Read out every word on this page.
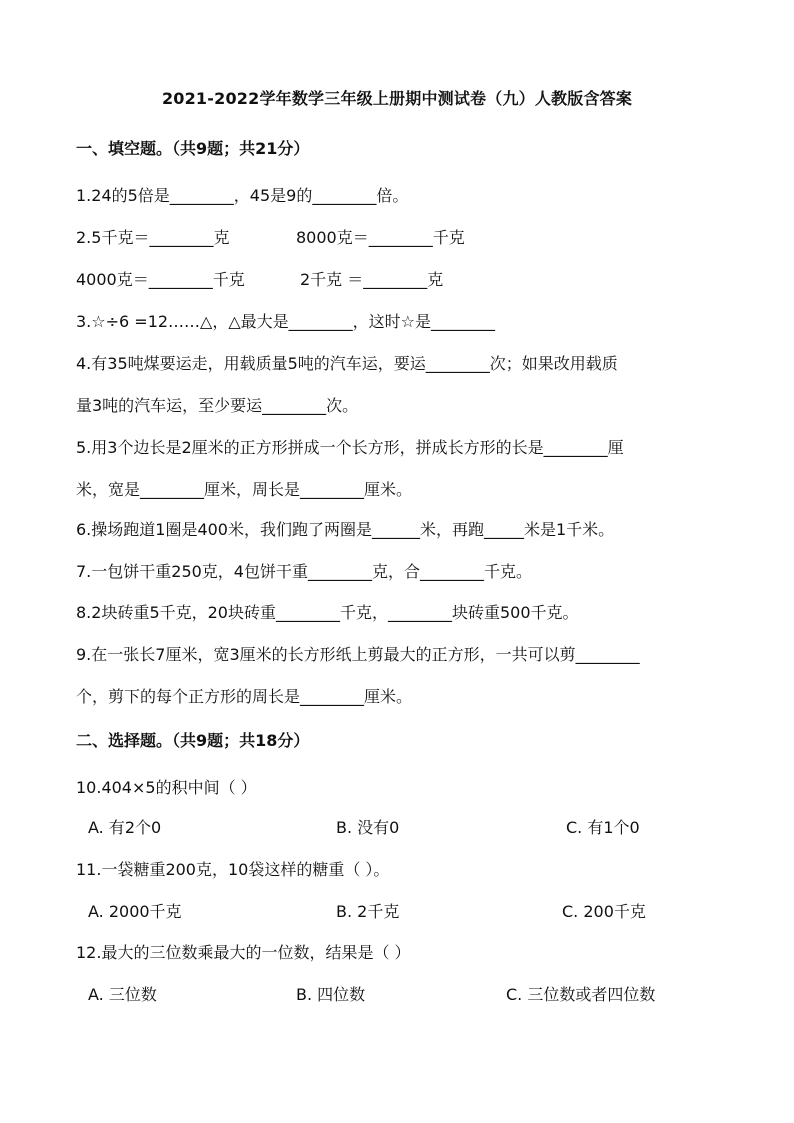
2021-2022学年数学三年级上册期中测试卷（九）人教版含答案
一、填空题。（共9题；共21分）
1.24的5倍是________，45是9的________倍。
2.5千克＝________克	8000克＝________千克
4000克＝________千克	2千克 ＝________克
3.☆÷6 =12……△，△最大是________，这时☆是________
4.有35吨煤要运走，用载质量5吨的汽车运，要运________次；如果改用载质
量3吨的汽车运，至少要运________次。
5.用3个边长是2厘米的正方形拼成一个长方形，拼成长方形的长是________厘
米，宽是________厘米，周长是________厘米。
6.操场跑道1圈是400米，我们跑了两圈是______米，再跑_____米是1千米。
7.一包饼干重250克，4包饼干重________克，合________千克。
8.2块砖重5千克，20块砖重________千克，________块砖重500千克。
9.在一张长7厘米，宽3厘米的长方形纸上剪最大的正方形，一共可以剪________
个，剪下的每个正方形的周长是________厘米。
二、选择题。（共9题；共18分）
10.404×5的积中间（ ）
A. 有2个0	B. 没有0	C. 有1个0
11.一袋糖重200克，10袋这样的糖重（ ）。
A. 2000千克	B. 2千克	C. 200千克
12.最大的三位数乘最大的一位数，结果是（ ）
A. 三位数	B. 四位数	C. 三位数或者四位数
